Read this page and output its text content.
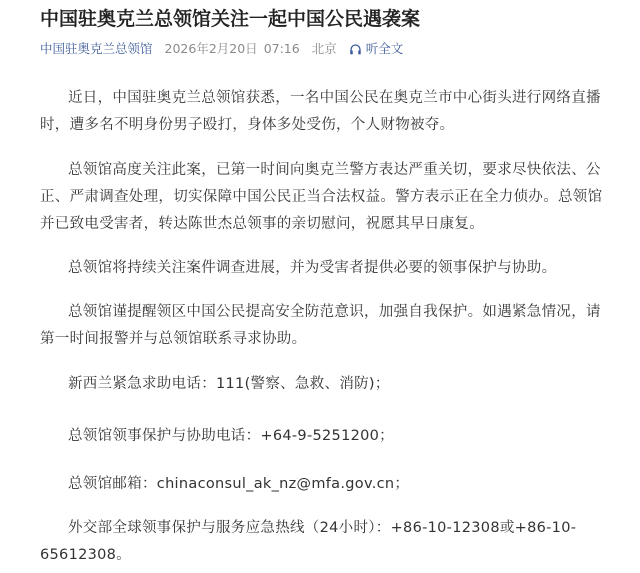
中国驻奥克兰总领馆关注一起中国公民遇袭案
中国驻奥克兰总领馆 2026年2月20日 07:16 北京 听全文

近日，中国驻奥克兰总领馆获悉，一名中国公民在奥克兰市中心街头进行网络直播时，遭多名不明身份男子殴打，身体多处受伤，个人财物被夺。

总领馆高度关注此案，已第一时间向奥克兰警方表达严重关切，要求尽快依法、公正、严肃调查处理，切实保障中国公民正当合法权益。警方表示正在全力侦办。总领馆并已致电受害者，转达陈世杰总领事的亲切慰问，祝愿其早日康复。

总领馆将持续关注案件调查进展，并为受害者提供必要的领事保护与协助。

总领馆谨提醒领区中国公民提高安全防范意识，加强自我保护。如遇紧急情况，请第一时间报警并与总领馆联系寻求协助。

新西兰紧急求助电话：111(警察、急救、消防)；

总领馆领事保护与协助电话：+64-9-5251200；

总领馆邮箱：chinaconsul_ak_nz@mfa.gov.cn；

外交部全球领事保护与服务应急热线（24小时）：+86-10-12308或+86-10-65612308。
